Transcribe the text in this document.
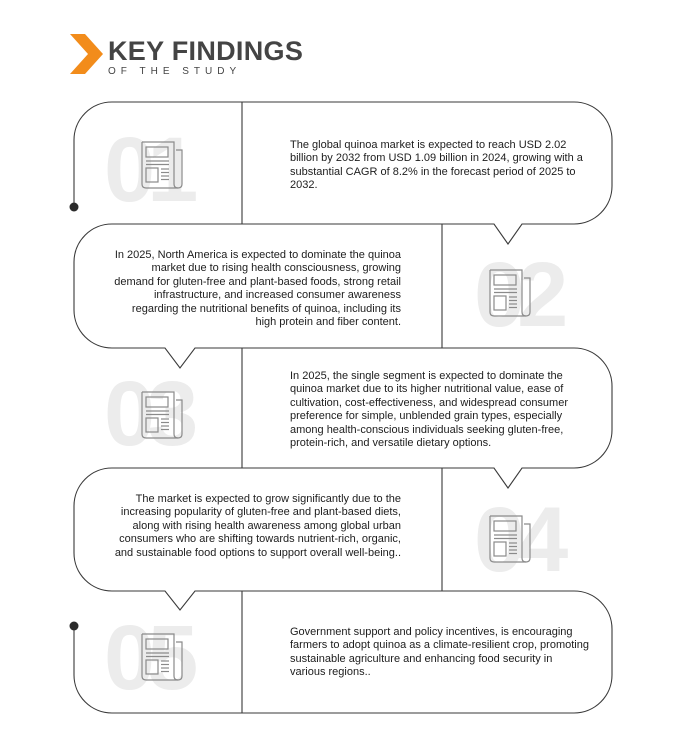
KEY FINDINGS
OF THE STUDY
01	The global quinoa market is expected to reach USD 2.02 billion by 2032 from USD 1.09 billion in 2024, growing with a substantial CAGR of 8.2% in the forecast period of 2025 to 2032.
02
In 2025, North America is expected to dominate the quinoa market due to rising health consciousness, growing demand for gluten-free and plant-based foods, strong retail infrastructure, and increased consumer awareness regarding the nutritional benefits of quinoa, including its high protein and fiber content.
03	In 2025, the single segment is expected to dominate the quinoa market due to its higher nutritional value, ease of cultivation, cost-effectiveness, and widespread consumer preference for simple, unblended grain types, especially among health-conscious individuals seeking gluten-free, protein-rich, and versatile dietary options.
04
The market is expected to grow significantly due to the increasing popularity of gluten-free and plant-based diets, along with rising health awareness among global urban consumers who are shifting towards nutrient-rich, organic, and sustainable food options to support overall well-being..
05	Government support and policy incentives, is encouraging farmers to adopt quinoa as a climate-resilient crop, promoting sustainable agriculture and enhancing food security in various regions..
